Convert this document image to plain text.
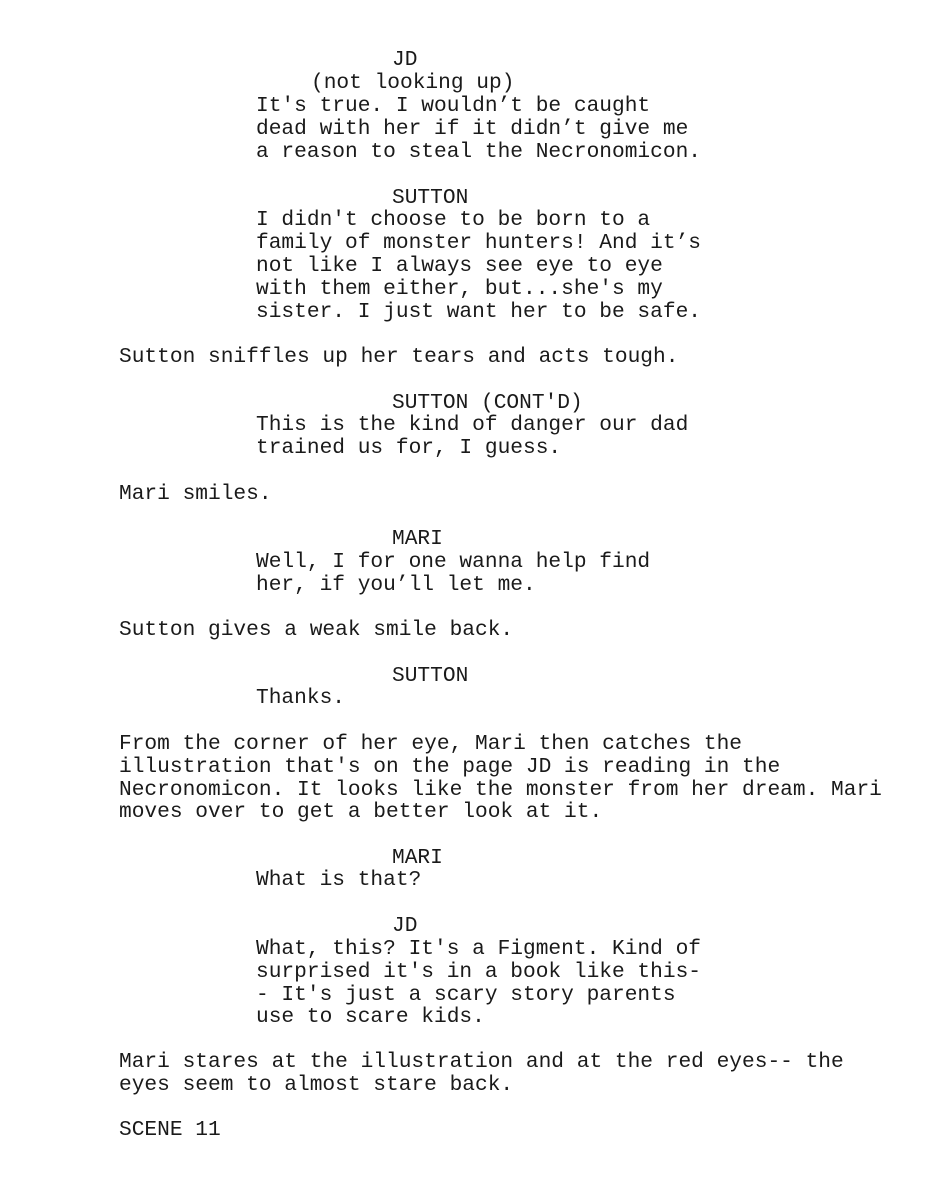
JD
(not looking up)
It's true. I wouldn’t be caught
dead with her if it didn’t give me
a reason to steal the Necronomicon.
SUTTON
I didn't choose to be born to a
family of monster hunters! And it’s
not like I always see eye to eye
with them either, but...she's my
sister. I just want her to be safe.
Sutton sniffles up her tears and acts tough.
SUTTON (CONT'D)
This is the kind of danger our dad
trained us for, I guess.
Mari smiles.
MARI
Well, I for one wanna help find
her, if you’ll let me.
Sutton gives a weak smile back.
SUTTON
Thanks.
From the corner of her eye, Mari then catches the
illustration that's on the page JD is reading in the
Necronomicon. It looks like the monster from her dream. Mari
moves over to get a better look at it.
MARI
What is that?
JD
What, this? It's a Figment. Kind of
surprised it's in a book like this-
- It's just a scary story parents
use to scare kids.
Mari stares at the illustration and at the red eyes-- the
eyes seem to almost stare back.
SCENE 11
